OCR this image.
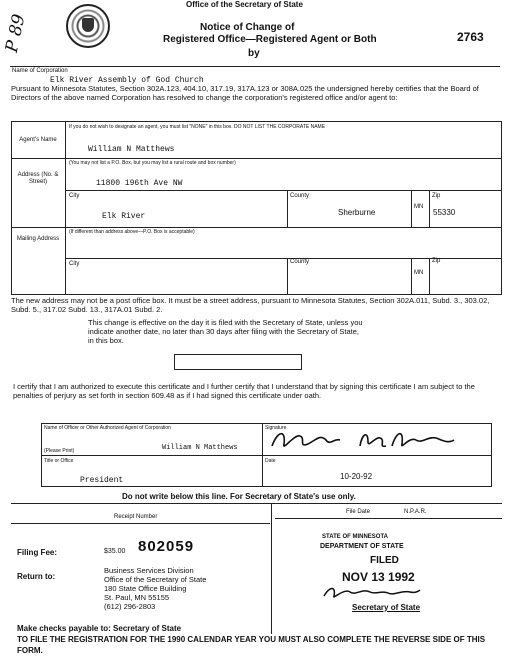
P 89
Office of the Secretary of State
Notice of Change of
Registered Office—Registered Agent or Both
by
2763
Name of Corporation
Elk River Assembly of God Church
Pursuant to Minnesota Statutes, Section 302A.123, 404.10, 317.19, 317A.123 or 308A.025 the undersigned hereby certifies that the Board of Directors of the above named Corporation has resolved to change the corporation's registered office and/or agent to:
Agent's Name
If you do not wish to designate an agent, you must list "NONE" in this box. DO NOT LIST THE CORPORATE NAME
William N Matthews
Address (No. & Street)
(You may not list a P.O. Box, but you may list a rural route and box number)
11800 196th Ave NW
City
Elk River
County
Sherburne
MN
Zip
55330
Mailing Address
(If different than address above—P.O. Box is acceptable)
City	County
MN
Zip
The new address may not be a post office box. It must be a street address, pursuant to Minnesota Statutes, Section 302A.011, Subd. 3., 303.02, Subd. 5., 317.02 Subd. 13., 317A.01 Subd. 2.
This change is effective on the day it is filed with the Secretary of State, unless you indicate another date, no later than 30 days after filing with the Secretary of State, in this box.
I certify that I am authorized to execute this certificate and I further certify that I understand that by signing this certificate I am subject to the penalties of perjury as set forth in section 609.48 as if I had signed this certificate under oath.
Name of Officer or Other Authorized Agent of Corporation
(Please Print)	William N Matthews
Signature
Title or Office
President
Date
10-20-92
Do not write below this line. For Secretary of State's use only.
Receipt Number
File Date	N.P.A.R.
Filing Fee:	$35.00 802059
Return to:
Business Services Division
Office of the Secretary of State
180 State Office Building
St. Paul, MN 55155
(612) 296-2803
STATE OF MINNESOTA
DEPARTMENT OF STATE
FILED
NOV 13 1992
Secretary of State
Make checks payable to: Secretary of State
TO FILE THE REGISTRATION FOR THE 1990 CALENDAR YEAR YOU MUST ALSO COMPLETE THE REVERSE SIDE OF THIS FORM.
